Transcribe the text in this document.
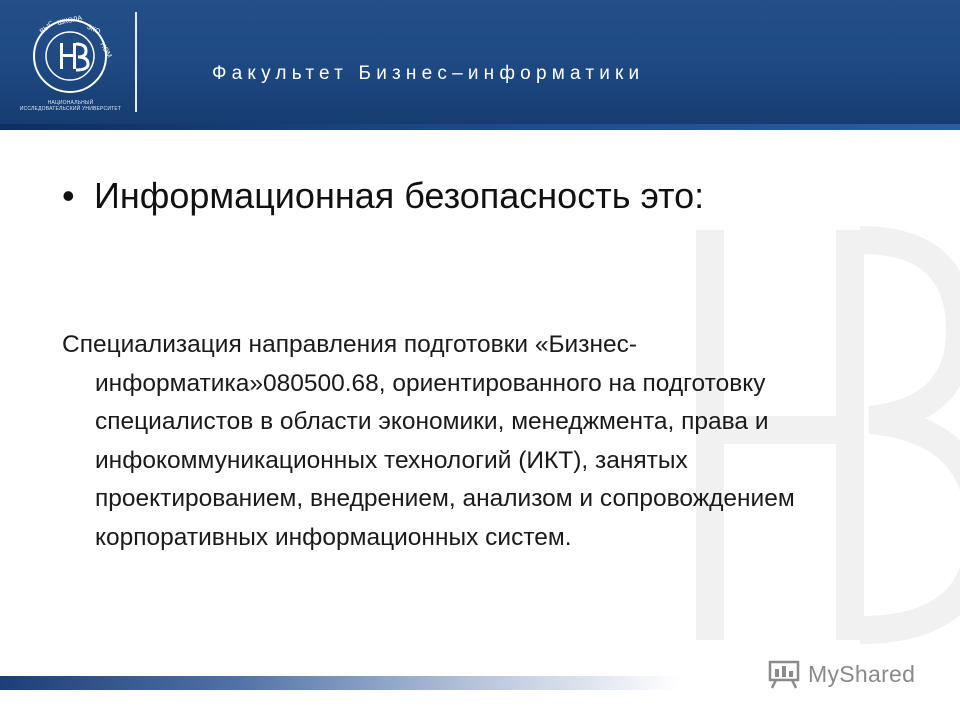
ВЫС ШКОЛА
ЭКО
НОМ
НАЦИОНАЛЬНЫЙ ИССЛЕДОВАТЕЛЬСКИЙ УНИВЕРСИТЕТ
Факультет Бизнес–информатики
• Информационная безопасность это:
Специализация направления подготовки «Бизнес-информатика»080500.68, ориентированного на подготовку специалистов в области экономики, менеджмента, права и инфокоммуникационных технологий (ИКТ), занятых проектированием, внедрением, анализом и сопровождением корпоративных информационных систем.
MyShared
